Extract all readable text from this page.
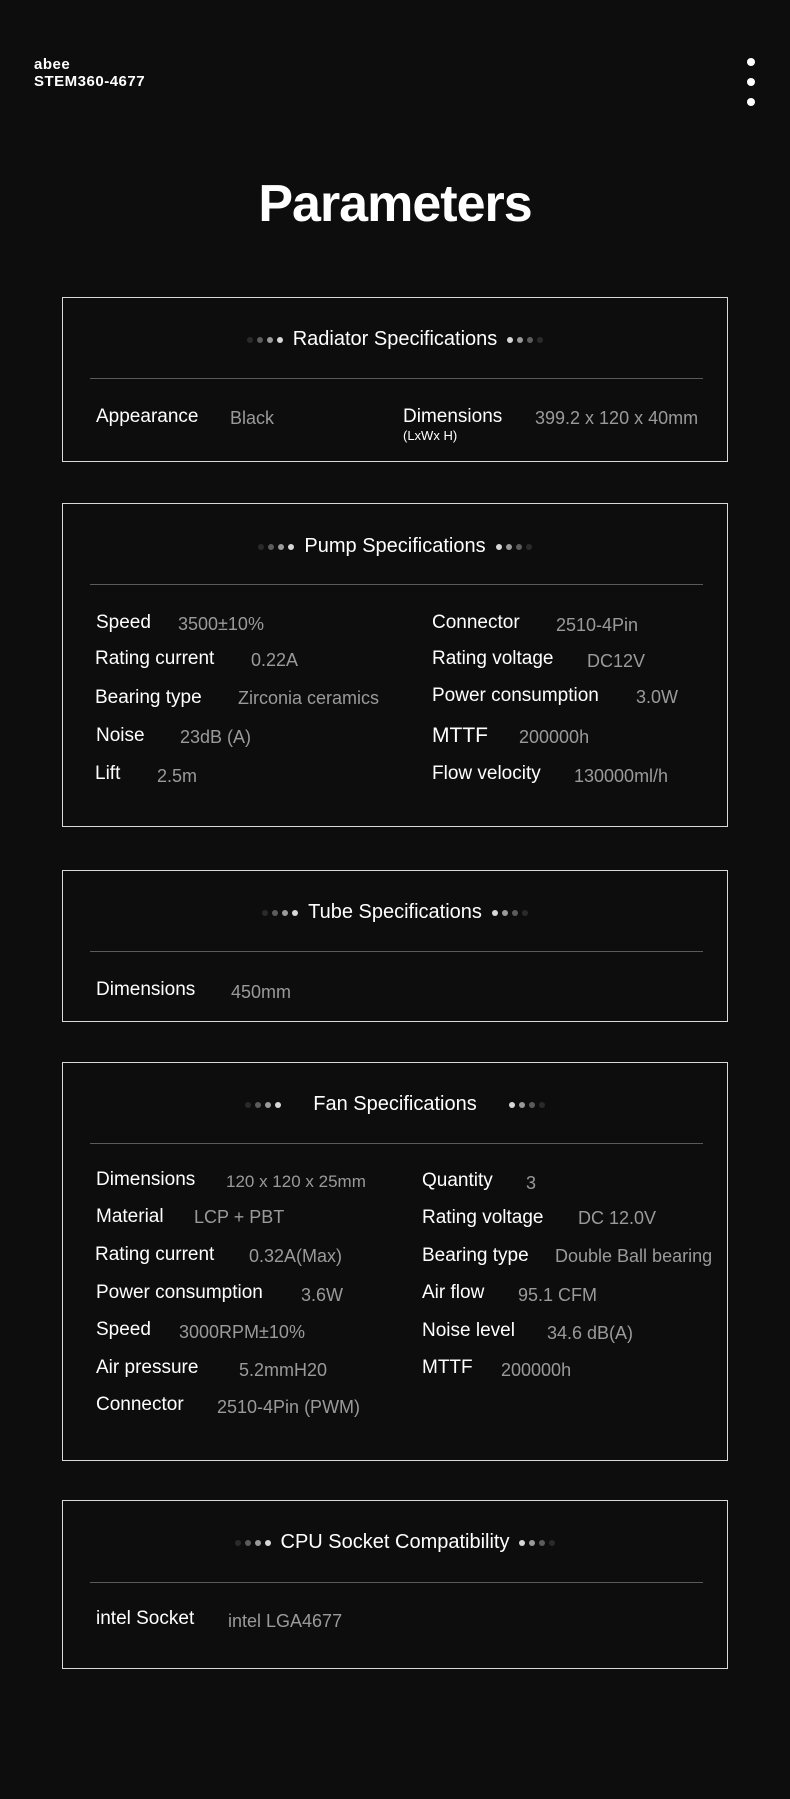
abee
STEM360-4677
Parameters
Radiator Specifications
Appearance Black	Dimensions
(LxWx H)
399.2 x 120 x 40mm
Pump Specifications
Speed 3500±10%
Rating current 0.22A
Bearing type Zirconia ceramics
Noise 23dB (A)
Lift 2.5m
Connector 2510-4Pin
Rating voltage DC12V
Power consumption 3.0W
MTTF 200000h
Flow velocity 130000ml/h
Tube Specifications
Dimensions 450mm
Fan Specifications
Dimensions 120 x 120 x 25mm
Material LCP + PBT
Rating current 0.32A(Max)
Power consumption 3.6W
Speed 3000RPM±10%
Air pressure 5.2mmH20
Connector 2510-4Pin (PWM)
Quantity 3
Rating voltage DC 12.0V
Bearing type Double Ball bearing
Air flow 95.1 CFM
Noise level 34.6 dB(A)
MTTF 200000h
CPU Socket Compatibility
intel Socket intel LGA4677
